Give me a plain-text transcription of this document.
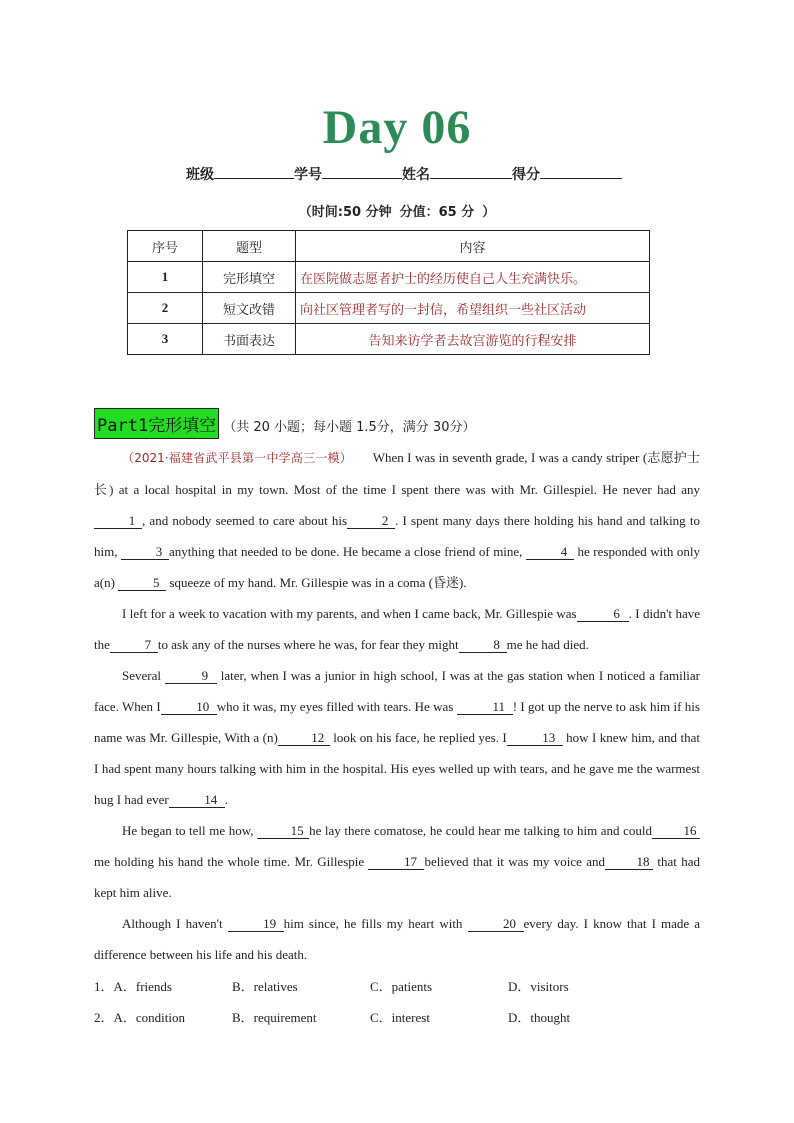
Day 06
班级	学号	姓名	得分
（时间:50 分钟 分值：65 分 ）
序号	题型	内容
1	完形填空	在医院做志愿者护士的经历使自己人生充满快乐。
2	短文改错	向社区管理者写的一封信，希望组织一些社区活动
3	书面表达	告知来访学者去故宫游览的行程安排
Part1完形填空 （共 20 小题；每小题 1.5分，满分 30分）

（2021·福建省武平县第一中学高三一模） When I was in seventh grade, I was a candy striper (志愿护士长) at a local hospital in my town. Most of the time I spent there was with Mr. Gillespiel. He never had any 1 , and nobody seemed to care about his	2 . I spent many days there holding his hand and talking to him,	3 anything that needed to be done. He became a close friend of mine,	4 he responded with only a(n)	5 squeeze of my hand. Mr. Gillespie was in a coma (昏迷).

I left for a week to vacation with my parents, and when I came back, Mr. Gillespie was	6 . I didn't have the	7 to ask any of the nurses where he was, for fear they might	8 me he had died.

Several	9 later, when I was a junior in high school, I was at the gas station when I noticed a familiar face. When I	10 who it was, my eyes filled with tears. He was	11 ! I got up the nerve to ask him if his name was Mr. Gillespie, With a (n)	12 look on his face, he replied yes. I	13 how I knew him, and that I had spent many hours talking with him in the hospital. His eyes welled up with tears, and he gave me the warmest hug I had ever	14 .

He began to tell me how,	15 he lay there comatose, he could hear me talking to him and could 16me holding his hand the whole time. Mr. Gillespie	17 believed that it was my voice and 18 that had kept him alive.

Although I haven't	19 him since, he fills my heart with	20 every day. I know that I made a difference between his life and his death.

1．A．friends	B．relatives	C．patients	D．visitors
2．A．condition	B．requirement	C．interest	D．thought
